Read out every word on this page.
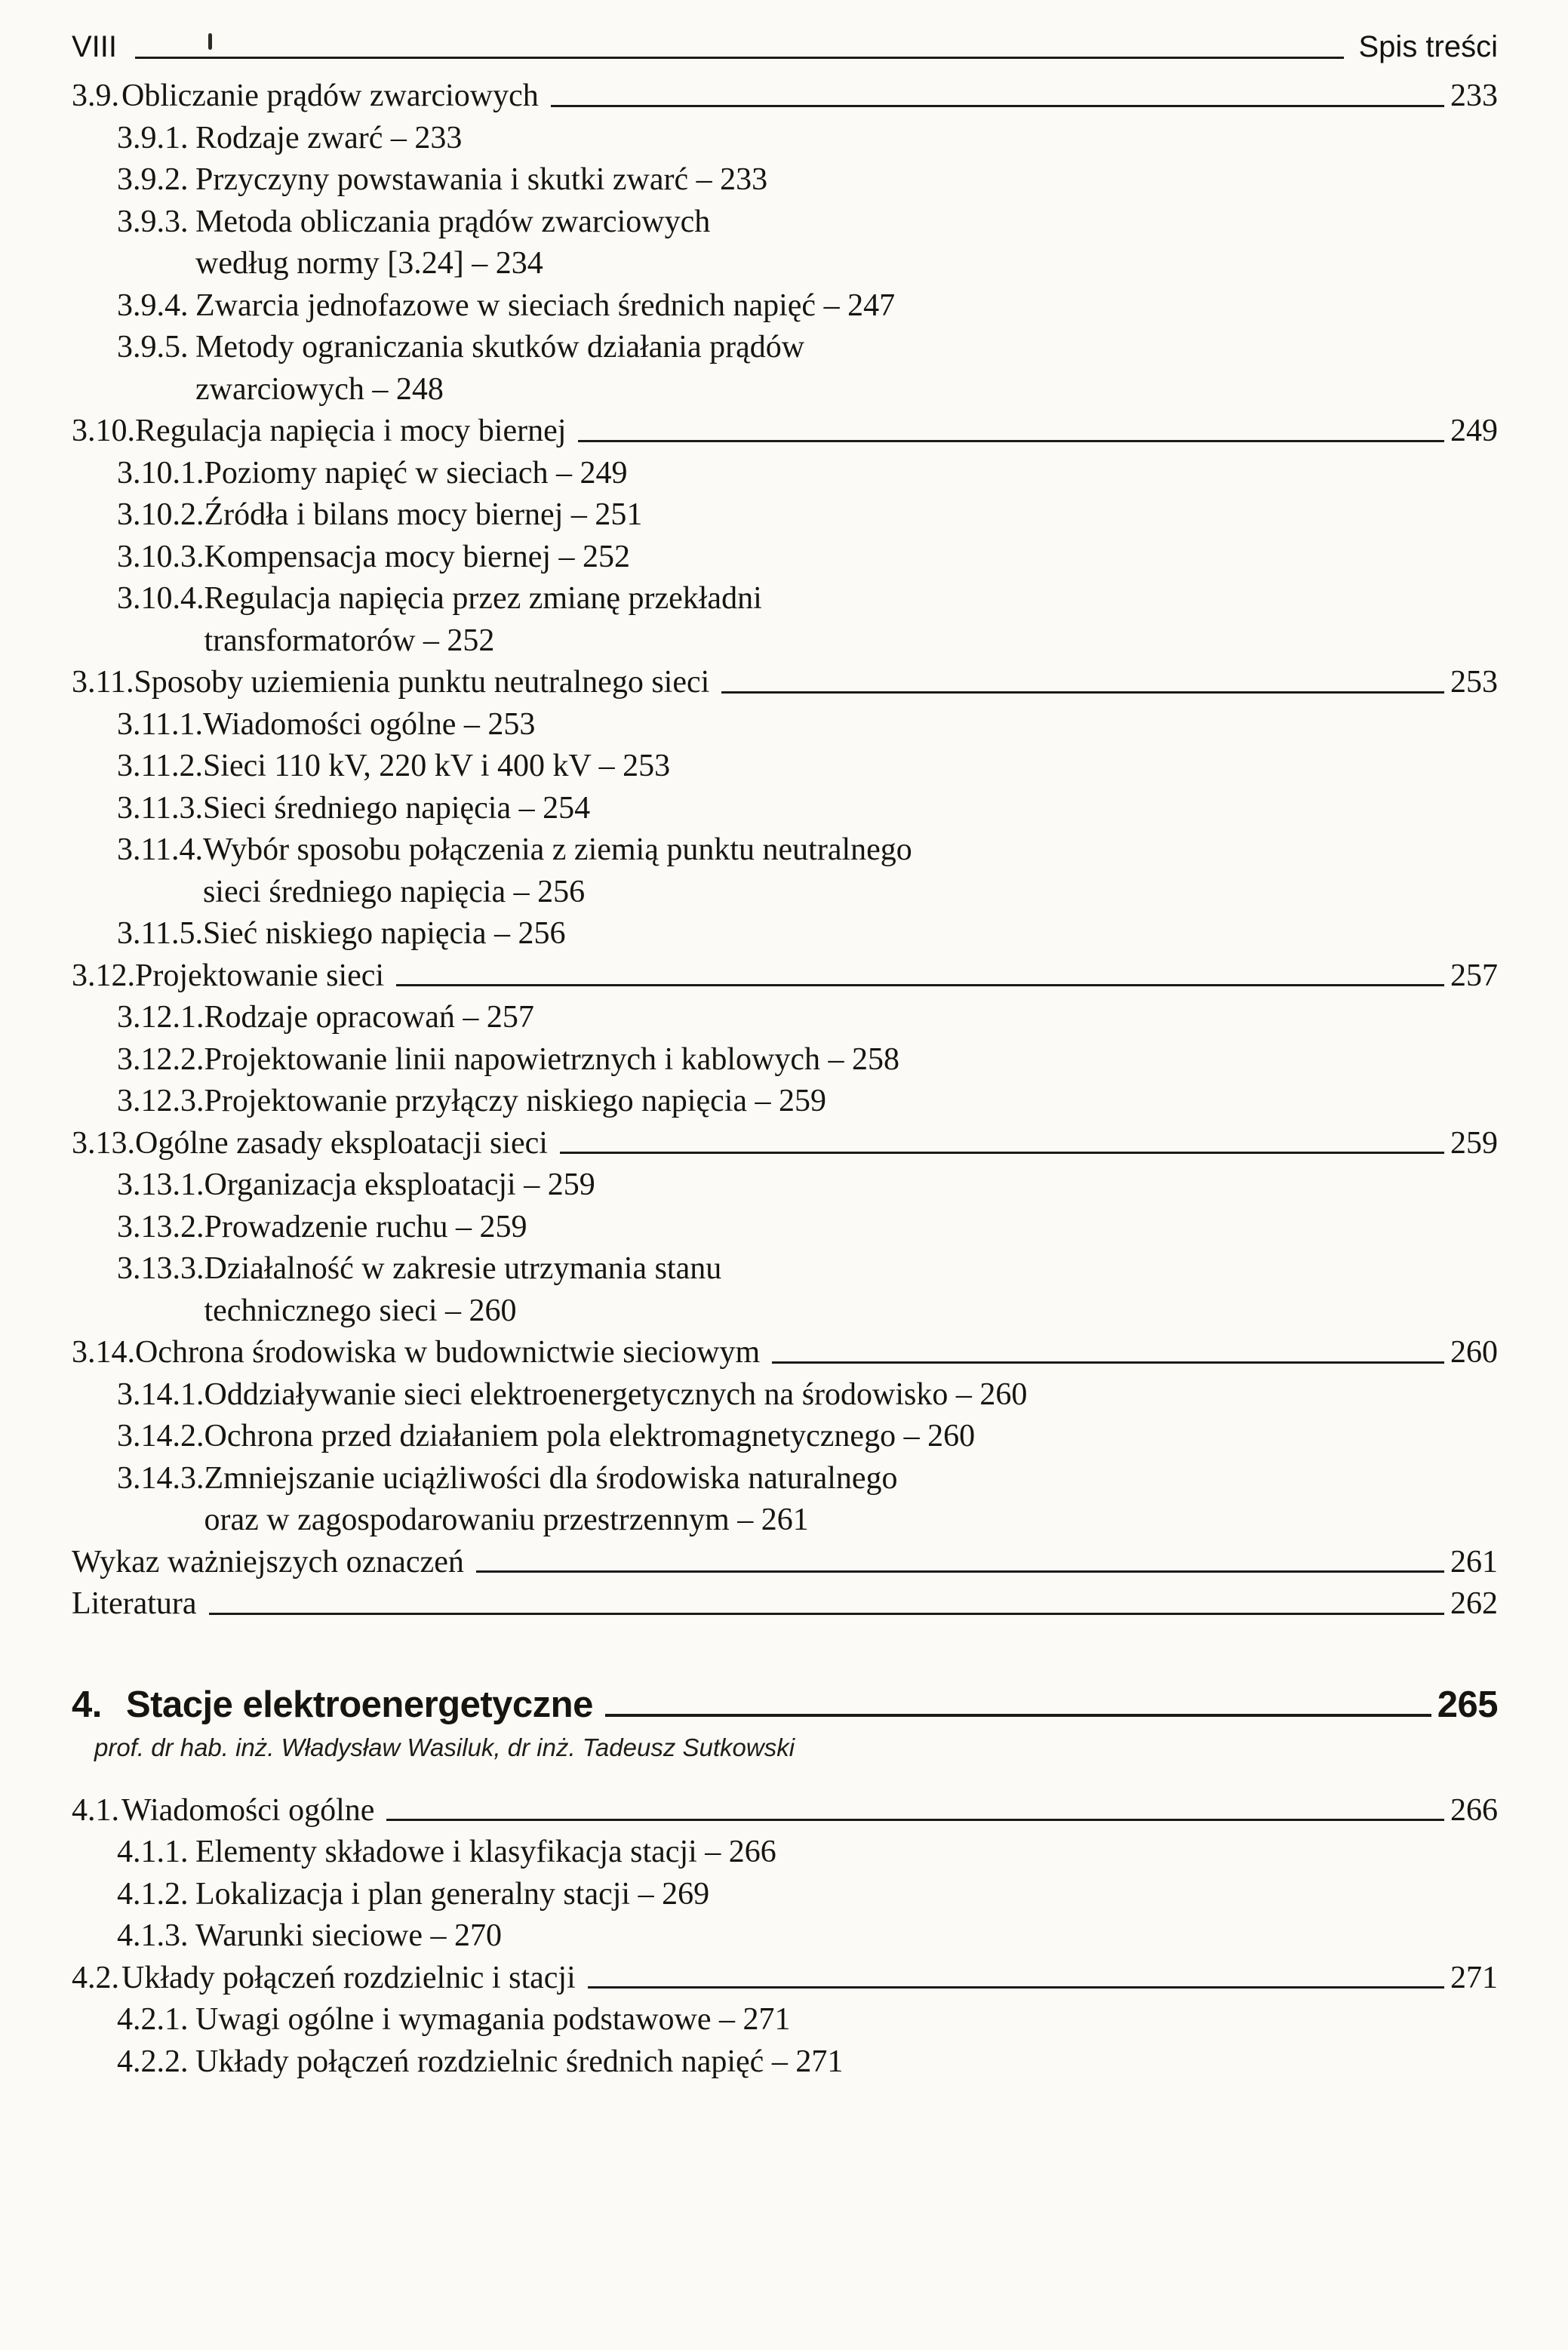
VIII	Spis treści
3.9. Obliczanie prądów zwarciowych	233
3.9.1. Rodzaje zwarć – 233
3.9.2. Przyczyny powstawania i skutki zwarć – 233
3.9.3. Metoda obliczania prądów zwarciowych
według normy [3.24] – 234
3.9.4. Zwarcia jednofazowe w sieciach średnich napięć – 247
3.9.5. Metody ograniczania skutków działania prądów
zwarciowych – 248
3.10. Regulacja napięcia i mocy biernej	249
3.10.1. Poziomy napięć w sieciach – 249
3.10.2. Źródła i bilans mocy biernej – 251
3.10.3. Kompensacja mocy biernej – 252
3.10.4. Regulacja napięcia przez zmianę przekładni
transformatorów – 252
3.11. Sposoby uziemienia punktu neutralnego sieci	253
3.11.1. Wiadomości ogólne – 253
3.11.2. Sieci 110 kV, 220 kV i 400 kV – 253
3.11.3. Sieci średniego napięcia – 254
3.11.4. Wybór sposobu połączenia z ziemią punktu neutralnego
sieci średniego napięcia – 256
3.11.5. Sieć niskiego napięcia – 256
3.12. Projektowanie sieci	257
3.12.1. Rodzaje opracowań – 257
3.12.2. Projektowanie linii napowietrznych i kablowych – 258
3.12.3. Projektowanie przyłączy niskiego napięcia – 259
3.13. Ogólne zasady eksploatacji sieci	259
3.13.1. Organizacja eksploatacji – 259
3.13.2. Prowadzenie ruchu – 259
3.13.3. Działalność w zakresie utrzymania stanu
technicznego sieci – 260
3.14. Ochrona środowiska w budownictwie sieciowym	260
3.14.1. Oddziaływanie sieci elektroenergetycznych na środowisko – 260
3.14.2. Ochrona przed działaniem pola elektromagnetycznego – 260
3.14.3. Zmniejszanie uciążliwości dla środowiska naturalnego
oraz w zagospodarowaniu przestrzennym – 261
Wykaz ważniejszych oznaczeń	261
Literatura	262
4. Stacje elektroenergetyczne	265
prof. dr hab. inż. Władysław Wasiluk, dr inż. Tadeusz Sutkowski
4.1. Wiadomości ogólne	266
4.1.1. Elementy składowe i klasyfikacja stacji – 266
4.1.2. Lokalizacja i plan generalny stacji – 269
4.1.3. Warunki sieciowe – 270
4.2. Układy połączeń rozdzielnic i stacji	271
4.2.1. Uwagi ogólne i wymagania podstawowe – 271
4.2.2. Układy połączeń rozdzielnic średnich napięć – 271
